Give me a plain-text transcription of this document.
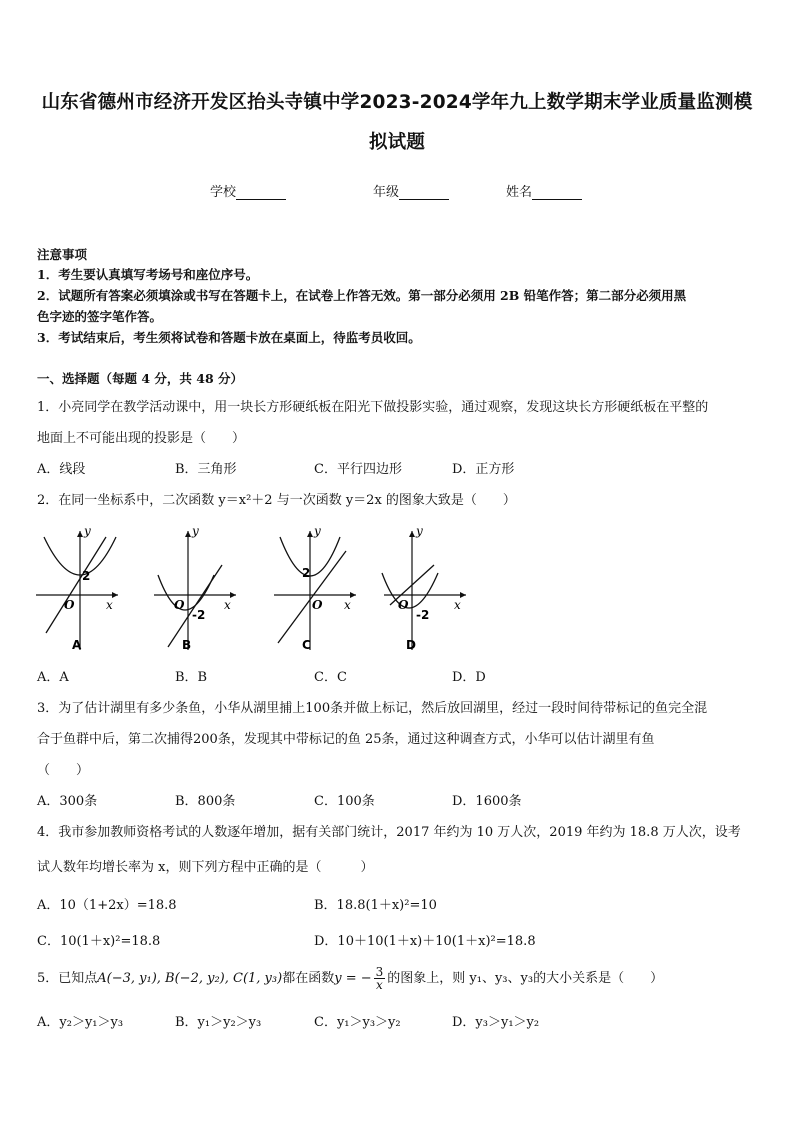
山东省德州市经济开发区抬头寺镇中学2023-2024学年九上数学期末学业质量监测模
拟试题
学校	年级	姓名
注意事项
1．考生要认真填写考场号和座位序号。
2．试题所有答案必须填涂或书写在答题卡上，在试卷上作答无效。第一部分必须用 2B 铅笔作答；第二部分必须用黑
色字迹的签字笔作答。
3．考试结束后，考生须将试卷和答题卡放在桌面上，待监考员收回。
一、选择题（每题 4 分，共 48 分）
1．小亮同学在教学活动课中，用一块长方形硬纸板在阳光下做投影实验，通过观察，发现这块长方形硬纸板在平整的
地面上不可能出现的投影是（　　）
A．线段	B．三角形	C．平行四边形	D．正方形
2．在同一坐标系中，二次函数 y＝x²＋2 与一次函数 y＝2x 的图象大致是（　　）
y
x
O
2
A
y
x
O
-2
B
y
x
O
2
C
y
x
O
-2
D
A．A	B．B	C．C	D．D
3．为了估计湖里有多少条鱼，小华从湖里捕上100条并做上标记，然后放回湖里，经过一段时间待带标记的鱼完全混
合于鱼群中后，第二次捕得200条，发现其中带标记的鱼 25条，通过这种调查方式，小华可以估计湖里有鱼
（　　）
A．300条	B．800条	C．100条	D．1600条
4．我市参加教师资格考试的人数逐年增加，据有关部门统计，2017 年约为 10 万人次，2019 年约为 18.8 万人次，设考
试人数年均增长率为 x，则下列方程中正确的是（　　　）
A．10（1+2x）=18.8	B．18.8(1＋x)²=10
C．10(1＋x)²=18.8	D．10＋10(1＋x)＋10(1＋x)²=18.8
5．已知点A(−3, y₁), B(−2, y₂), C(1, y₃)都在函数y = − $\frac{3}{x}$ 的图象上，则 y₁、y₃、y₃的大小关系是（　　）
A．y₂＞y₁＞y₃	B．y₁＞y₂＞y₃	C．y₁＞y₃＞y₂	D．y₃＞y₁＞y₂
